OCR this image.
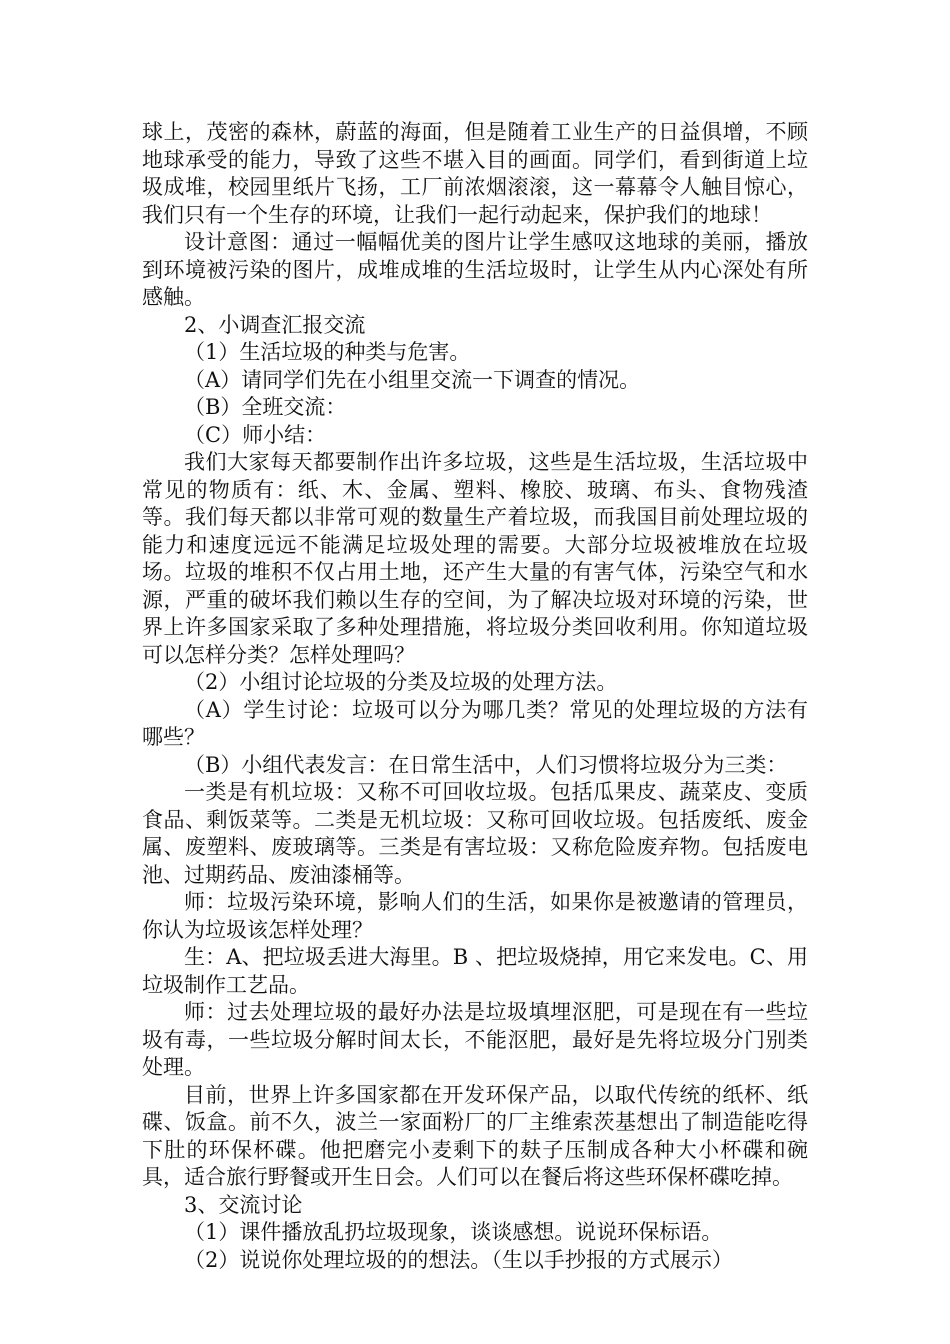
球上，茂密的森林，蔚蓝的海面，但是随着工业生产的日益俱增，不顾地球承受的能力，导致了这些不堪入目的画面。同学们，看到街道上垃圾成堆，校园里纸片飞扬，工厂前浓烟滚滚，这一幕幕令人触目惊心，我们只有一个生存的环境，让我们一起行动起来，保护我们的地球！

设计意图：通过一幅幅优美的图片让学生感叹这地球的美丽，播放到环境被污染的图片，成堆成堆的生活垃圾时，让学生从内心深处有所感触。

2、小调查汇报交流

（1）生活垃圾的种类与危害。

（A）请同学们先在小组里交流一下调查的情况。

（B）全班交流：

（C）师小结：

我们大家每天都要制作出许多垃圾，这些是生活垃圾，生活垃圾中常见的物质有：纸、木、金属、塑料、橡胶、玻璃、布头、食物残渣等。我们每天都以非常可观的数量生产着垃圾，而我国目前处理垃圾的能力和速度远远不能满足垃圾处理的需要。大部分垃圾被堆放在垃圾场。垃圾的堆积不仅占用土地，还产生大量的有害气体，污染空气和水源，严重的破坏我们赖以生存的空间，为了解决垃圾对环境的污染，世界上许多国家采取了多种处理措施，将垃圾分类回收利用。你知道垃圾可以怎样分类？怎样处理吗？

（2）小组讨论垃圾的分类及垃圾的处理方法。

（A）学生讨论：垃圾可以分为哪几类？常见的处理垃圾的方法有哪些？

（B）小组代表发言：在日常生活中，人们习惯将垃圾分为三类：

一类是有机垃圾：又称不可回收垃圾。包括瓜果皮、蔬菜皮、变质食品、剩饭菜等。二类是无机垃圾：又称可回收垃圾。包括废纸、废金属、废塑料、废玻璃等。三类是有害垃圾：又称危险废弃物。包括废电池、过期药品、废油漆桶等。

师：垃圾污染环境，影响人们的生活，如果你是被邀请的管理员，你认为垃圾该怎样处理？

生：A、把垃圾丢进大海里。B 、把垃圾烧掉，用它来发电。C、用垃圾制作工艺品。

师：过去处理垃圾的最好办法是垃圾填埋沤肥，可是现在有一些垃圾有毒，一些垃圾分解时间太长，不能沤肥，最好是先将垃圾分门别类处理。

目前，世界上许多国家都在开发环保产品，以取代传统的纸杯、纸碟、饭盒。前不久，波兰一家面粉厂的厂主维索茨基想出了制造能吃得下肚的环保杯碟。他把磨完小麦剩下的麸子压制成各种大小杯碟和碗具，适合旅行野餐或开生日会。人们可以在餐后将这些环保杯碟吃掉。

3、交流讨论

（1）课件播放乱扔垃圾现象，谈谈感想。说说环保标语。

（2）说说你处理垃圾的的想法。（生以手抄报的方式展示）
